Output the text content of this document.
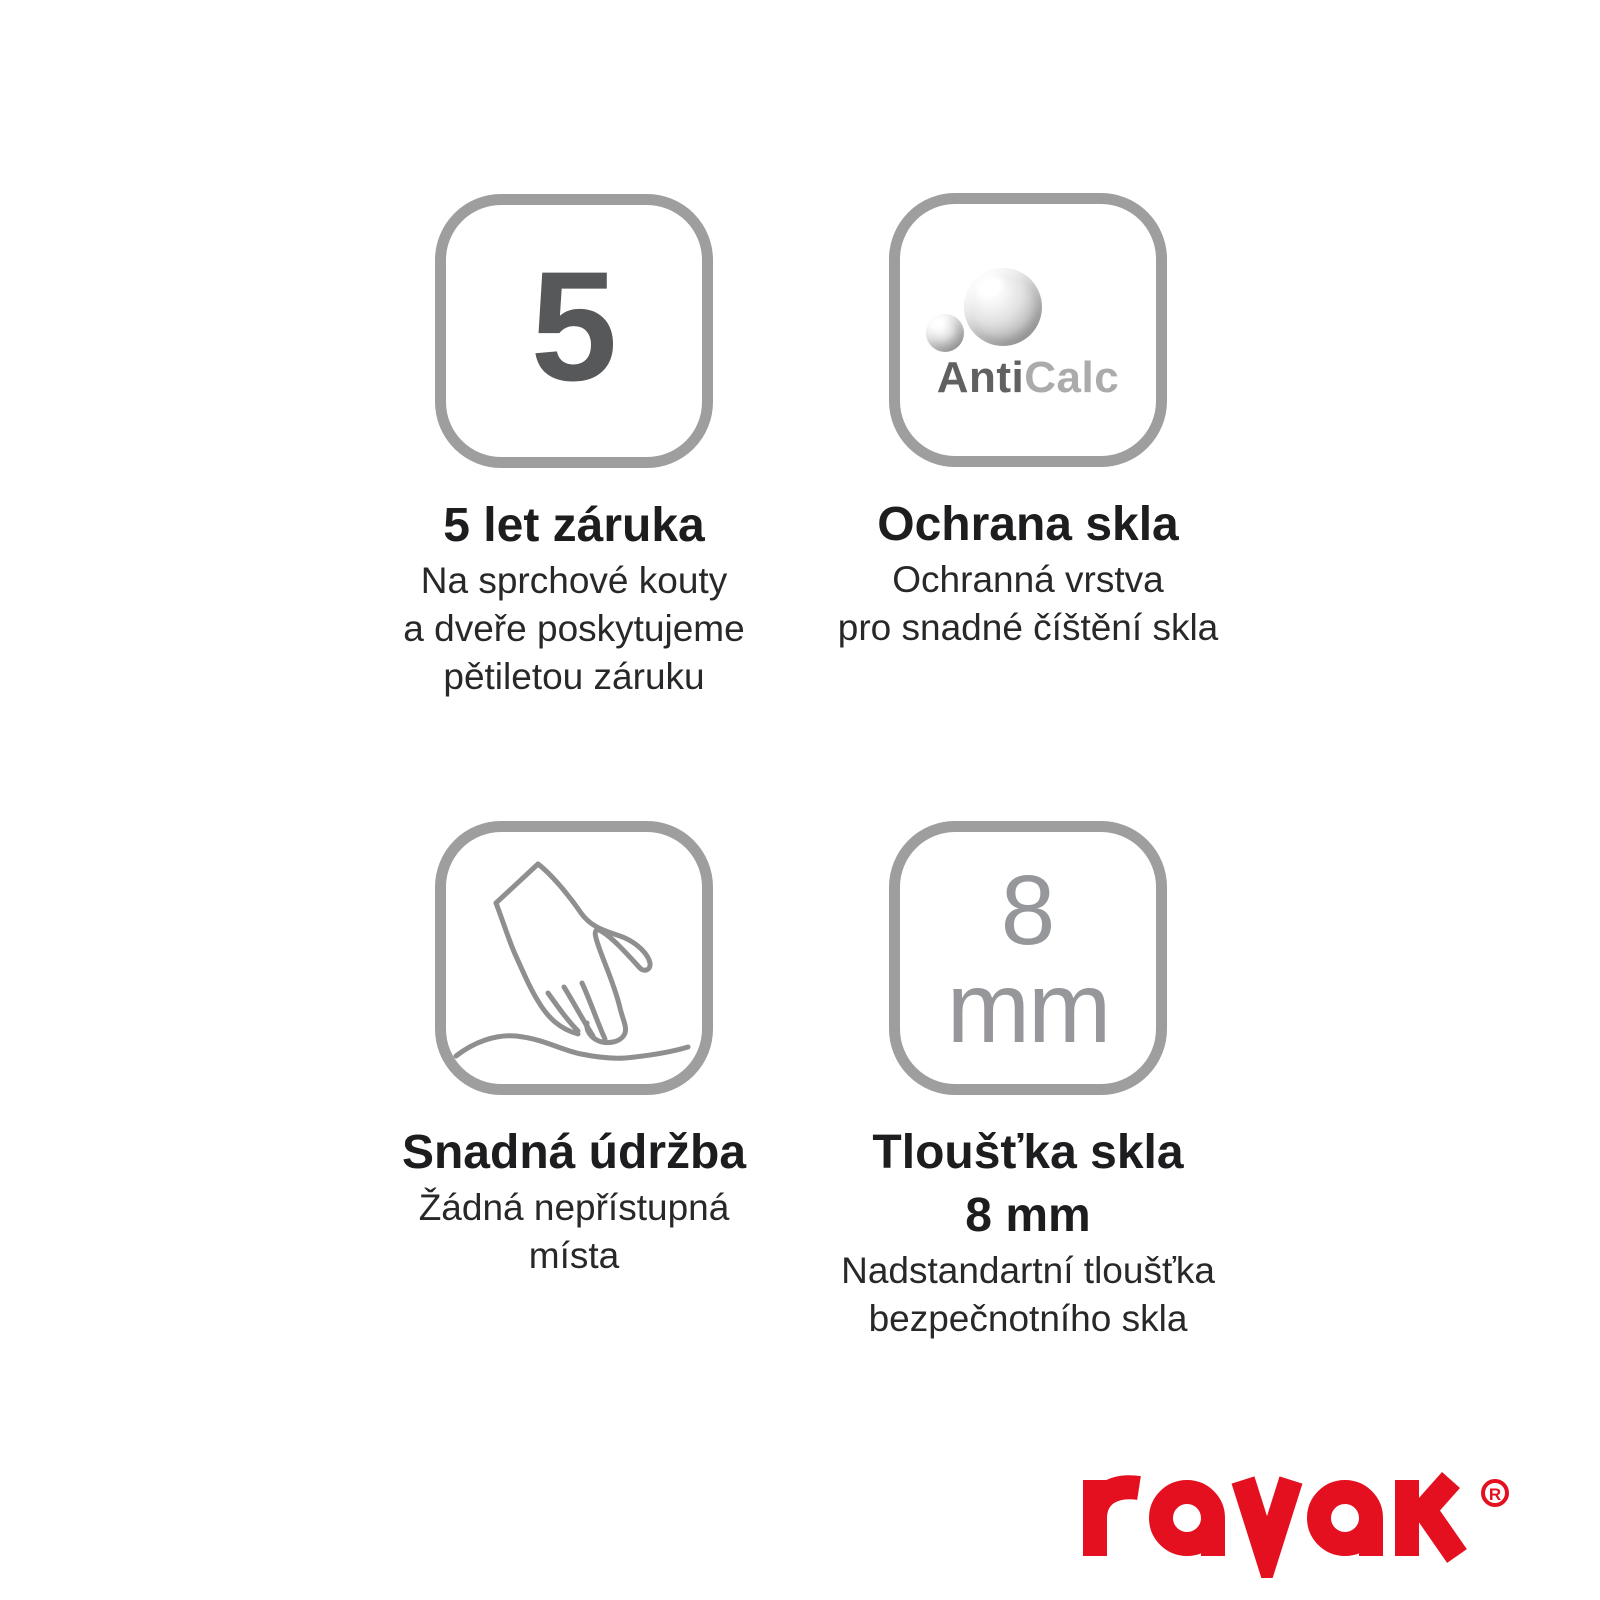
5
5 let záruka

Na sprchové kouty
a dveře poskytujeme
pětiletou záruku

AntiCalc
Ochrana skla

Ochranná vrstva
pro snadné číštění skla

Snadná údržba

Žádná nepřístupná
místa

8
mm
Tloušťka skla
8 mm

Nadstandartní tloušťka
bezpečnotního skla

R
